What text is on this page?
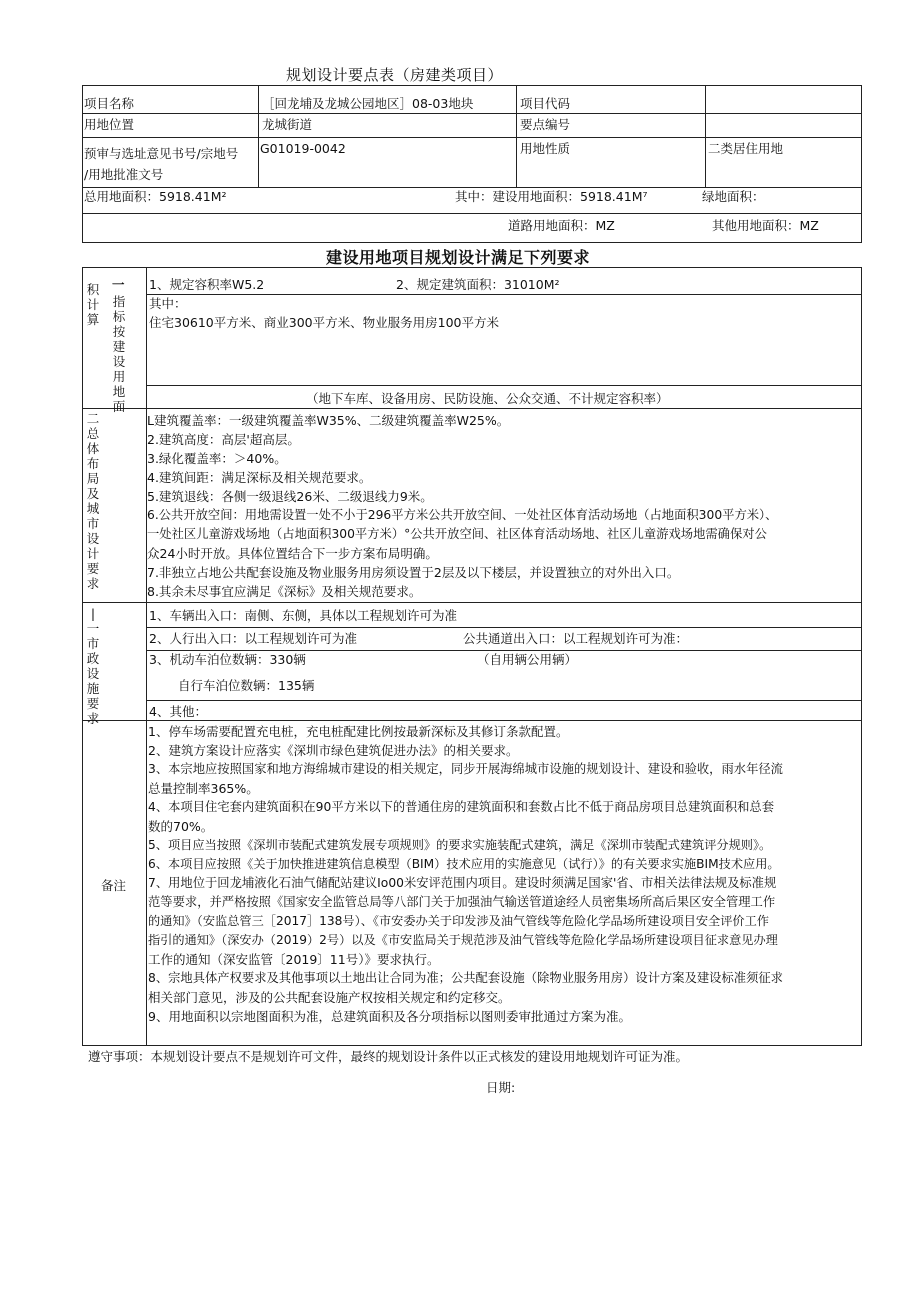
规划设计要点表（房建类项目）
项目名称	［回龙埔及龙城公园地区］08-03地块	项目代码
用地位置	龙城街道	要点编号
预审与选址意见书号/宗地号
/用地批准文号
G01019-0042	用地性质	二类居住用地
总用地面积：5918.41M²	其中：建设用地面积：5918.41M⁷	绿地面积：
道路用地面积：MZ	其他用地面积：MZ
建设用地项目规划设计满足下列要求
积计算
一
指标按建设用地面
1、规定容积率W5.2	2、规定建筑面积：31010M²
其中：
住宅30610平方米、商业300平方米、物业服务用房100平方米
（地下车库、设备用房、民防设施、公众交通、不计规定容积率）
二总体布局及城市设计要求
L建筑覆盖率：一级建筑覆盖率W35%、二级建筑覆盖率W25%。
2.建筑高度：高层'超高层。
3.绿化覆盖率：＞40%。
4.建筑间距：满足深标及相关规范要求。
5.建筑退线：各侧一级退线26米、二级退线力9米。
6.公共开放空间：用地需设置一处不小于296平方米公共开放空间、一处社区体育活动场地（占地面积300平方米）、
一处社区儿童游戏场地（占地面积300平方米）°公共开放空间、社区体育活动场地、社区儿童游戏场地需确保对公
众24小时开放。具体位置结合下一步方案布局明确。
7.非独立占地公共配套设施及物业服务用房须设置于2层及以下楼层，并设置独立的对外出入口。
8.其余未尽事宜应满足《深标》及相关规范要求。
|一市政设施要求
1、车辆出入口：南侧、东侧，具体以工程规划许可为准
2、人行出入口：以工程规划许可为准	公共通道出入口：以工程规划许可为准：
3、机动车泊位数辆：330辆	（自用辆公用辆）
自行车泊位数辆：135辆
4、其他：
备注
1、停车场需要配置充电桩，充电桩配建比例按最新深标及其修订条款配置。
2、建筑方案设计应落实《深圳市绿色建筑促进办法》的相关要求。
3、本宗地应按照国家和地方海绵城市建设的相关规定，同步开展海绵城市设施的规划设计、建设和验收，雨水年径流
总量控制率365%。
4、本项目住宅套内建筑面积在90平方米以下的普通住房的建筑面积和套数占比不低于商品房项目总建筑面积和总套
数的70%。
5、项目应当按照《深圳市装配式建筑发展专项规则》的要求实施装配式建筑，满足《深圳市装配式建筑评分规则》。
6、本项目应按照《关于加快推进建筑信息模型（BIM）技术应用的实施意见（试行）》的有关要求实施BIM技术应用。
7、用地位于回龙埔液化石油气储配站建议Io00米安评范围内项目。建设时须满足国家'省、市相关法律法规及标准规
范等要求，并严格按照《国家安全监管总局等八部门关于加强油气输送管道途经人员密集场所高后果区安全管理工作
的通知》（安监总管三［2017］138号）、《市安委办关于印发涉及油气管线等危险化学品场所建设项目安全评价工作
指引的通知》（深安办（2019）2号）以及《市安监局关于规范涉及油气管线等危险化学品场所建设项目征求意见办理
工作的通知（深安监管〔2019〕11号）》要求执行。
8、宗地具体产权要求及其他事项以土地出让合同为准；公共配套设施（除物业服务用房）设计方案及建设标准须征求
相关部门意见，涉及的公共配套设施产权按相关规定和约定移交。
9、用地面积以宗地图面积为准，总建筑面积及各分项指标以图则委审批通过方案为准。
遵守事项：本规划设计要点不是规划许可文件，最终的规划设计条件以正式核发的建设用地规划许可证为准。
日期:
